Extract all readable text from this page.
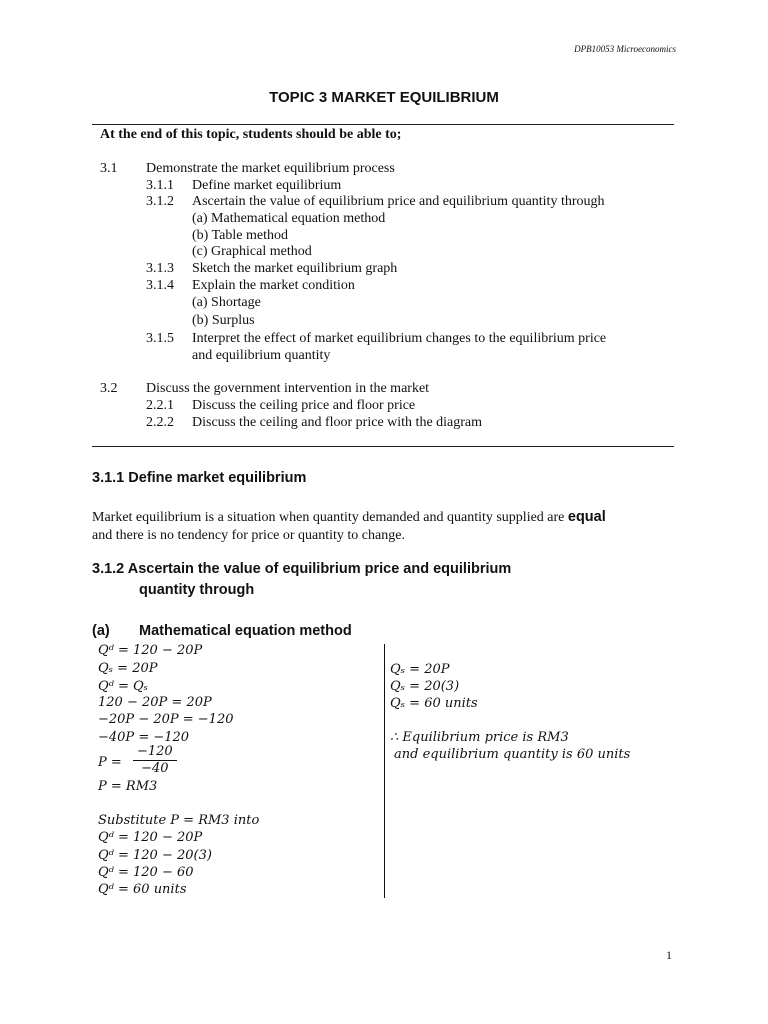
DPB10053 Microeconomics
TOPIC 3 MARKET EQUILIBRIUM
At the end of this topic, students should be able to;
3.1 Demonstrate the market equilibrium process
3.1.1 Define market equilibrium
3.1.2 Ascertain the value of equilibrium price and equilibrium quantity through
(a) Mathematical equation method
(b) Table method
(c) Graphical method
3.1.3 Sketch the market equilibrium graph
3.1.4 Explain the market condition
(a) Shortage
(b) Surplus
3.1.5 Interpret the effect of market equilibrium changes to the equilibrium price
and equilibrium quantity
3.2 Discuss the government intervention in the market
2.2.1 Discuss the ceiling price and floor price
2.2.2 Discuss the ceiling and floor price with the diagram
3.1.1 Define market equilibrium
Market equilibrium is a situation when quantity demanded and quantity supplied are equal
and there is no tendency for price or quantity to change.
3.1.2 Ascertain the value of equilibrium price and equilibrium
quantity through
(a) Mathematical equation method
Qᵈ = 120 − 20P
Qₛ = 20P
Qᵈ = Qₛ
120 − 20P = 20P
−20P − 20P = −120
−40P = −120
$P = \frac{-120}{-40}$
P = RM3
Substitute P = RM3 into
Qᵈ = 120 − 20P
Qᵈ = 120 − 20(3)
Qᵈ = 120 − 60
Qᵈ = 60 units
Qₛ = 20P
Qₛ = 20(3)
Qₛ = 60 units
∴ Equilibrium price is RM3
and equilibrium quantity is 60 units
1
